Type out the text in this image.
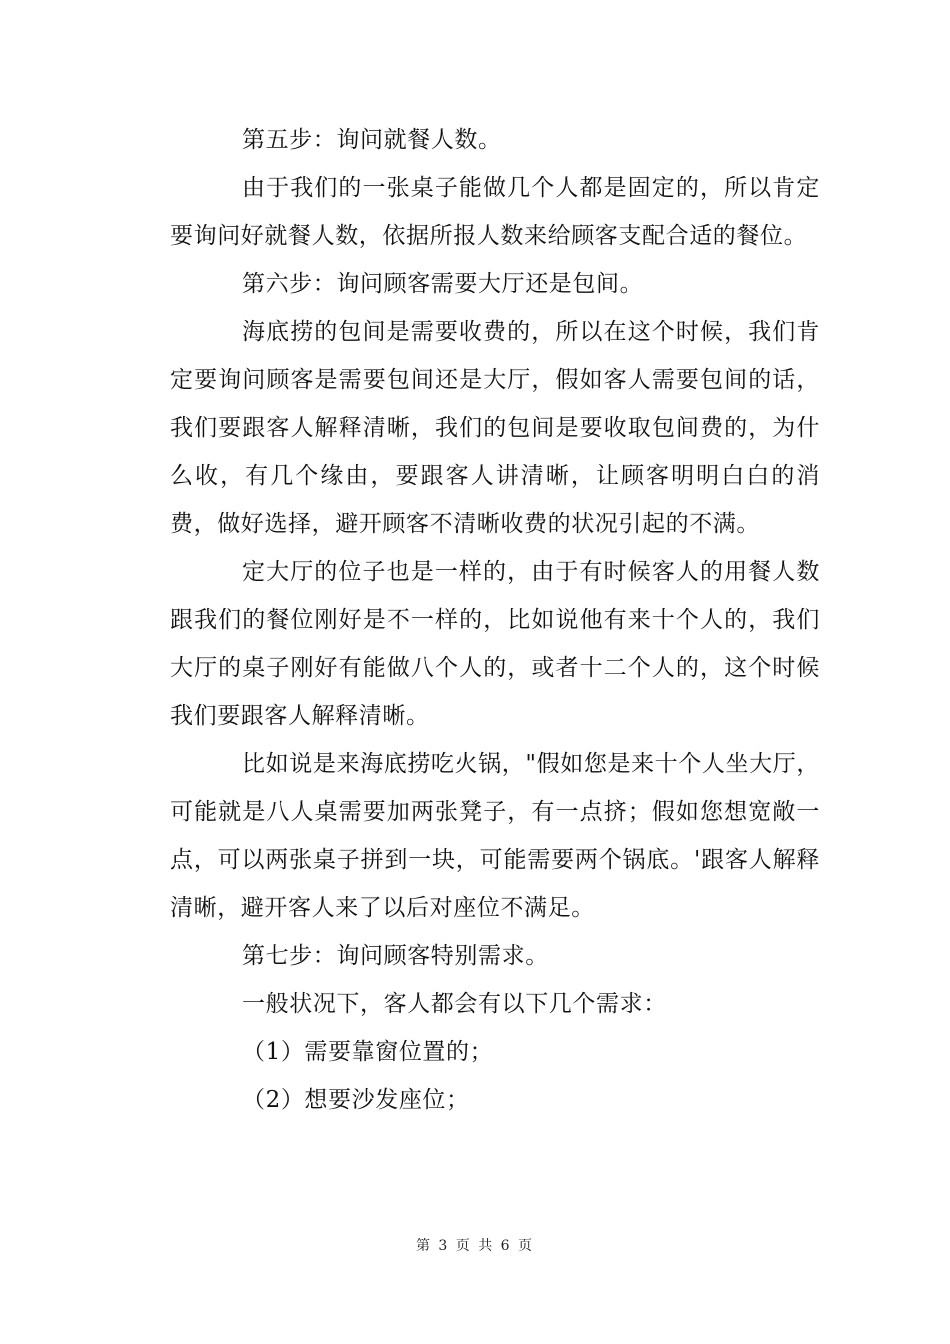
第五步：询问就餐人数。

由于我们的一张桌子能做几个人都是固定的，所以肯定要询问好就餐人数，依据所报人数来给顾客支配合适的餐位。

第六步：询问顾客需要大厅还是包间。

海底捞的包间是需要收费的，所以在这个时候，我们肯定要询问顾客是需要包间还是大厅，假如客人需要包间的话，我们要跟客人解释清晰，我们的包间是要收取包间费的，为什么收，有几个缘由，要跟客人讲清晰，让顾客明明白白的消费，做好选择，避开顾客不清晰收费的状况引起的不满。

定大厅的位子也是一样的，由于有时候客人的用餐人数跟我们的餐位刚好是不一样的，比如说他有来十个人的，我们大厅的桌子刚好有能做八个人的，或者十二个人的，这个时候我们要跟客人解释清晰。

比如说是来海底捞吃火锅，"假如您是来十个人坐大厅，可能就是八人桌需要加两张凳子，有一点挤；假如您想宽敞一点，可以两张桌子拼到一块，可能需要两个锅底。'跟客人解释清晰，避开客人来了以后对座位不满足。

第七步：询问顾客特别需求。

一般状况下，客人都会有以下几个需求：

（1）需要靠窗位置的；

（2）想要沙发座位；

第 3 页 共 6 页
